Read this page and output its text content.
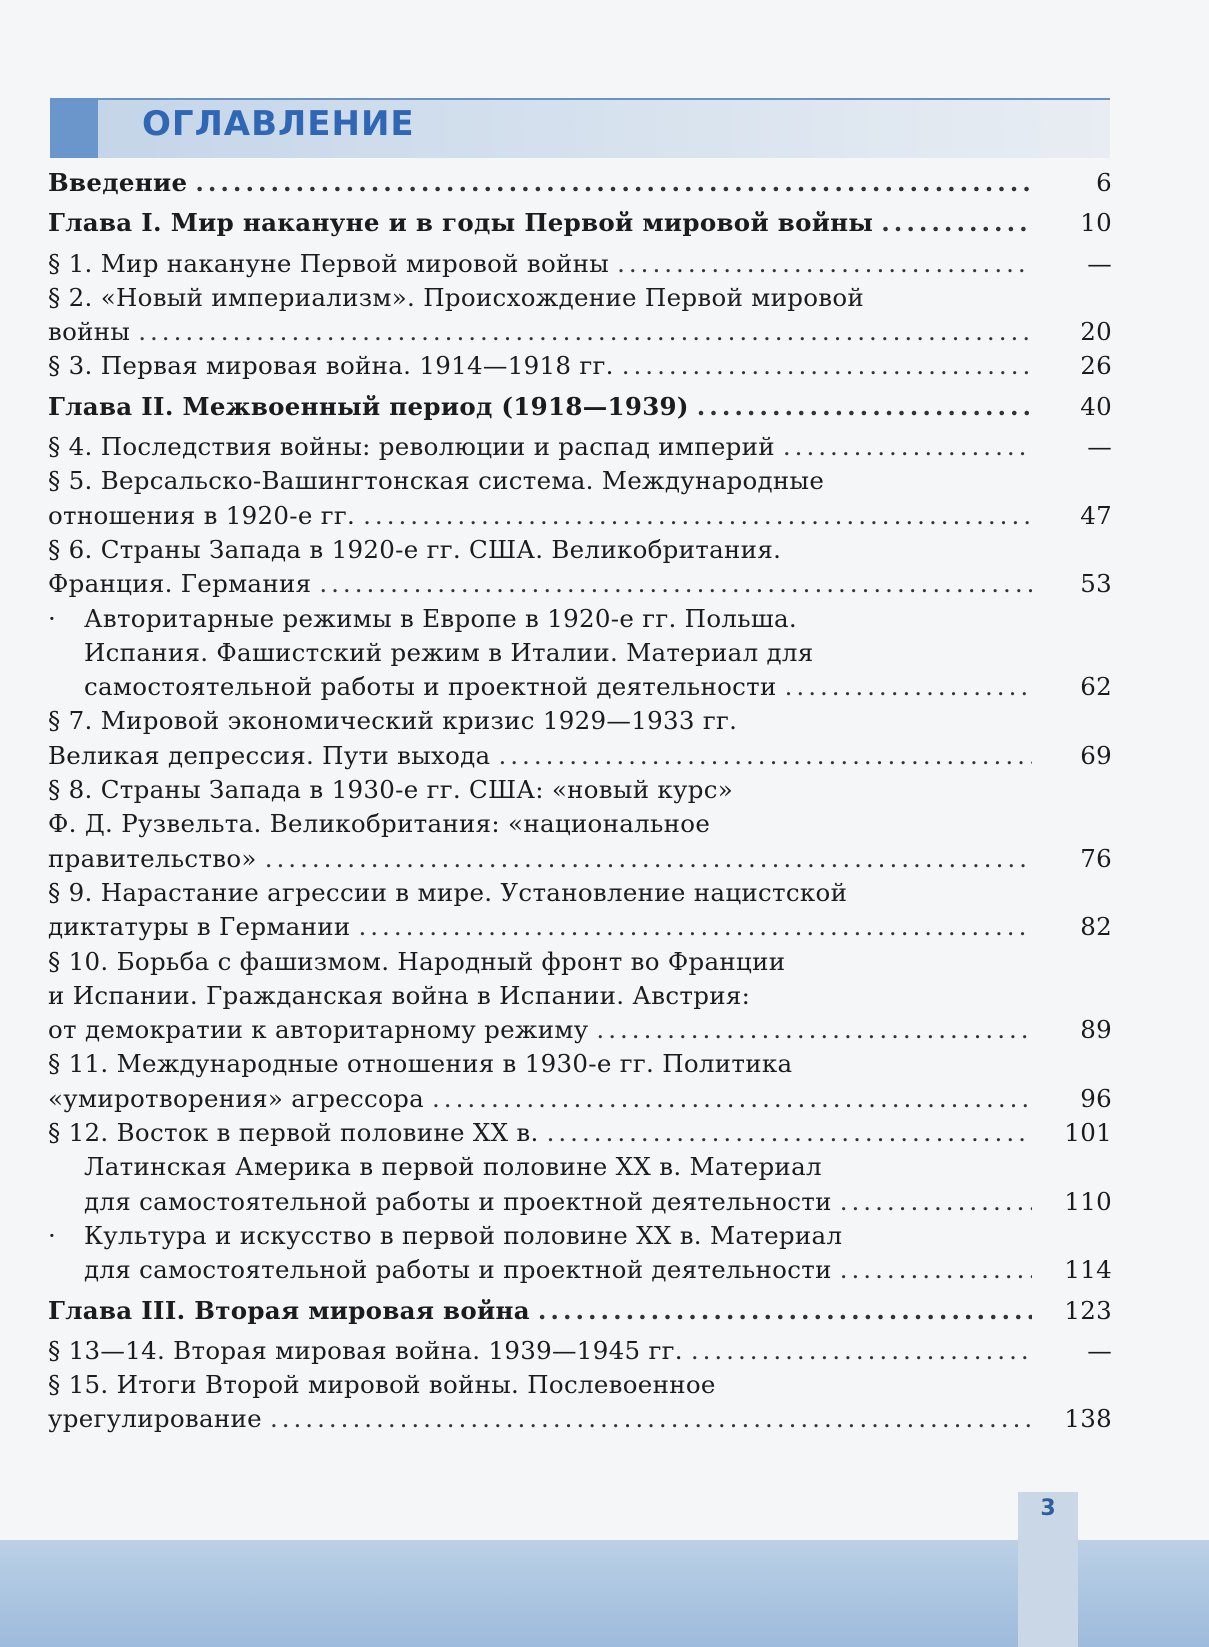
ОГЛАВЛЕНИЕ
Введение .....	6
Глава I. Мир накануне и в годы Первой мировой войны .....	10
§ 1. Мир накануне Первой мировой войны .....	—
§ 2. «Новый империализм». Происхождение Первой мировой
войны .....	20
§ 3. Первая мировая война. 1914—1918 гг. .....	26
Глава II. Межвоенный период (1918—1939) .....	40
§ 4. Последствия войны: революции и распад империй .....	—
§ 5. Версальско-Вашингтонская система. Международные
отношения в 1920-е гг. .....	47
§ 6. Страны Запада в 1920-е гг. США. Великобритания.
Франция. Германия .....	53
· Авторитарные режимы в Европе в 1920-е гг. Польша.
Испания. Фашистский режим в Италии. Материал для
самостоятельной работы и проектной деятельности .....	62
§ 7. Мировой экономический кризис 1929—1933 гг.
Великая депрессия. Пути выхода .....	69
§ 8. Страны Запада в 1930-е гг. США: «новый курс»
Ф. Д. Рузвельта. Великобритания: «национальное
правительство» .....	76
§ 9. Нарастание агрессии в мире. Установление нацистской
диктатуры в Германии .....	82
§ 10. Борьба с фашизмом. Народный фронт во Франции
и Испании. Гражданская война в Испании. Австрия:
от демократии к авторитарному режиму .....	89
§ 11. Международные отношения в 1930-е гг. Политика
«умиротворения» агрессора .....	96
§ 12. Восток в первой половине XX в. .....	101
Латинская Америка в первой половине XX в. Материал
для самостоятельной работы и проектной деятельности .....	110
· Культура и искусство в первой половине XX в. Материал
для самостоятельной работы и проектной деятельности .....	114
Глава III. Вторая мировая война .....	123
§ 13—14. Вторая мировая война. 1939—1945 гг. .....	—
§ 15. Итоги Второй мировой войны. Послевоенное
урегулирование .....	138
3
